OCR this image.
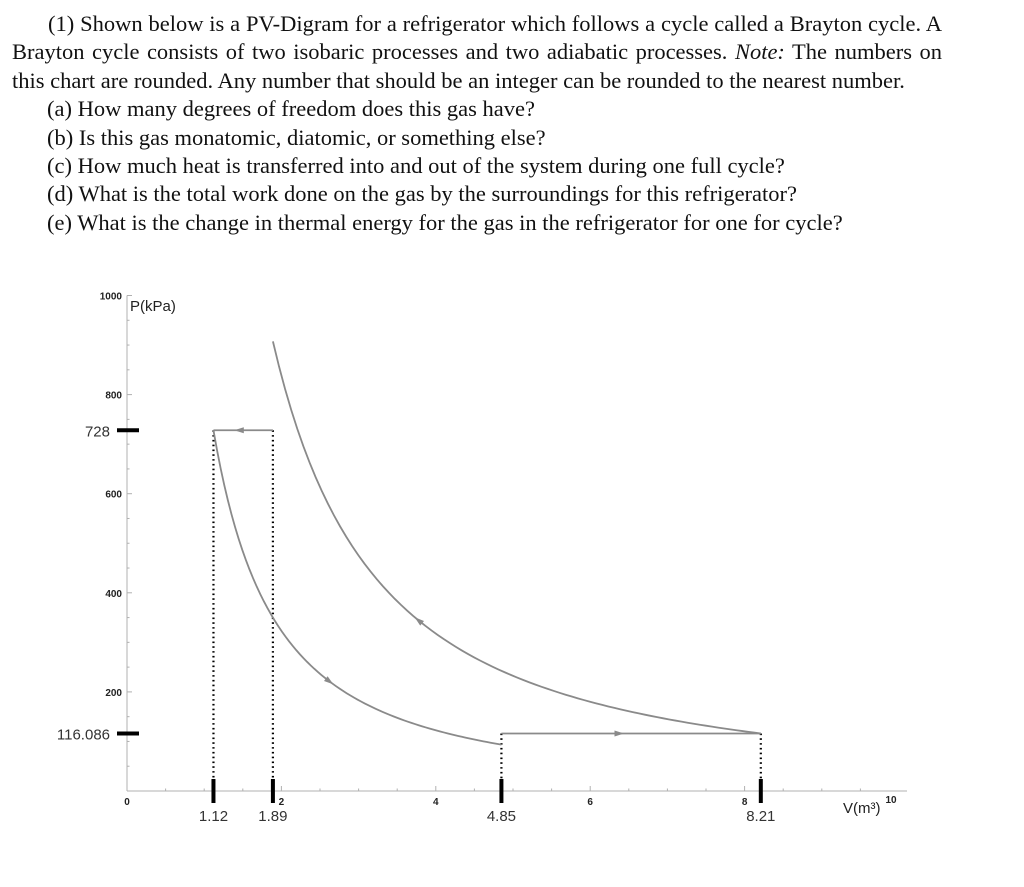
(1) Shown below is a PV-Digram for a refrigerator which follows a cycle called a Brayton cycle. A Brayton cycle consists of two isobaric processes and two adiabatic processes. Note: The numbers on this chart are rounded. Any number that should be an integer can be rounded to the nearest number.

(a) How many degrees of freedom does this gas have?
(b) Is this gas monatomic, diatomic, or something else?
(c) How much heat is transferred into and out of the system during one full cycle?
(d) What is the total work done on the gas by the surroundings for this refrigerator?
(e) What is the change in thermal energy for the gas in the refrigerator for one for cycle?
0	2	4	6	8	10
200
400
600
800
1000
P(kPa)
V(m³)
728
116.086
1.12 1.89	4.85	8.21
